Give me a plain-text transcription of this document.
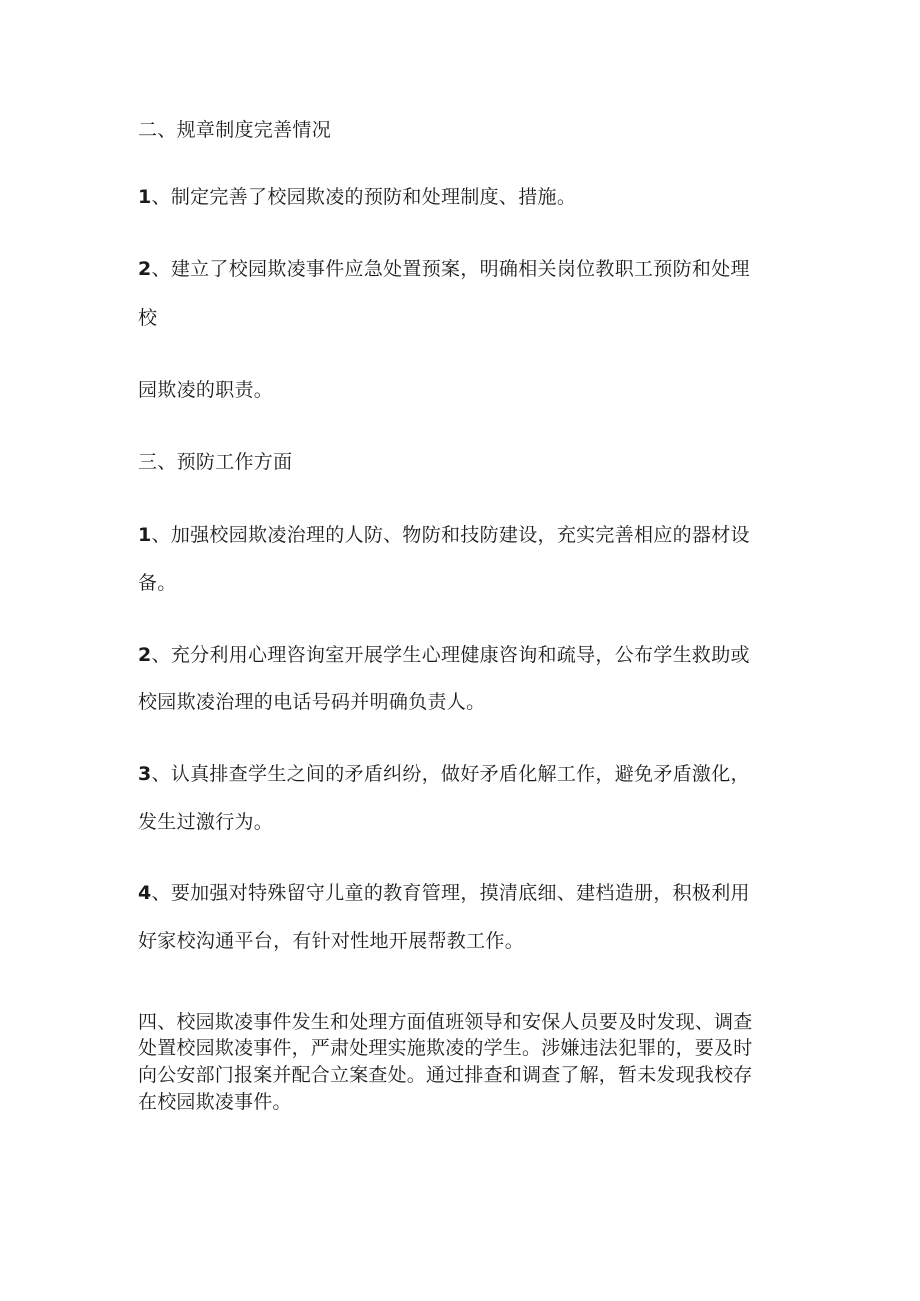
二、规章制度完善情况
1、制定完善了校园欺凌的预防和处理制度、措施。
2、建立了校园欺凌事件应急处置预案，明确相关岗位教职工预防和处理
校
园欺凌的职责。
三、预防工作方面
1、加强校园欺凌治理的人防、物防和技防建设，充实完善相应的器材设
备。
2、充分利用心理咨询室开展学生心理健康咨询和疏导，公布学生救助或
校园欺凌治理的电话号码并明确负责人。
3、认真排查学生之间的矛盾纠纷，做好矛盾化解工作，避免矛盾激化，
发生过激行为。
4、要加强对特殊留守儿童的教育管理，摸清底细、建档造册，积极利用
好家校沟通平台，有针对性地开展帮教工作。
四、校园欺凌事件发生和处理方面值班领导和安保人员要及时发现、调查
处置校园欺凌事件，严肃处理实施欺凌的学生。涉嫌违法犯罪的，要及时
向公安部门报案并配合立案查处。通过排查和调查了解，暂未发现我校存
在校园欺凌事件。
